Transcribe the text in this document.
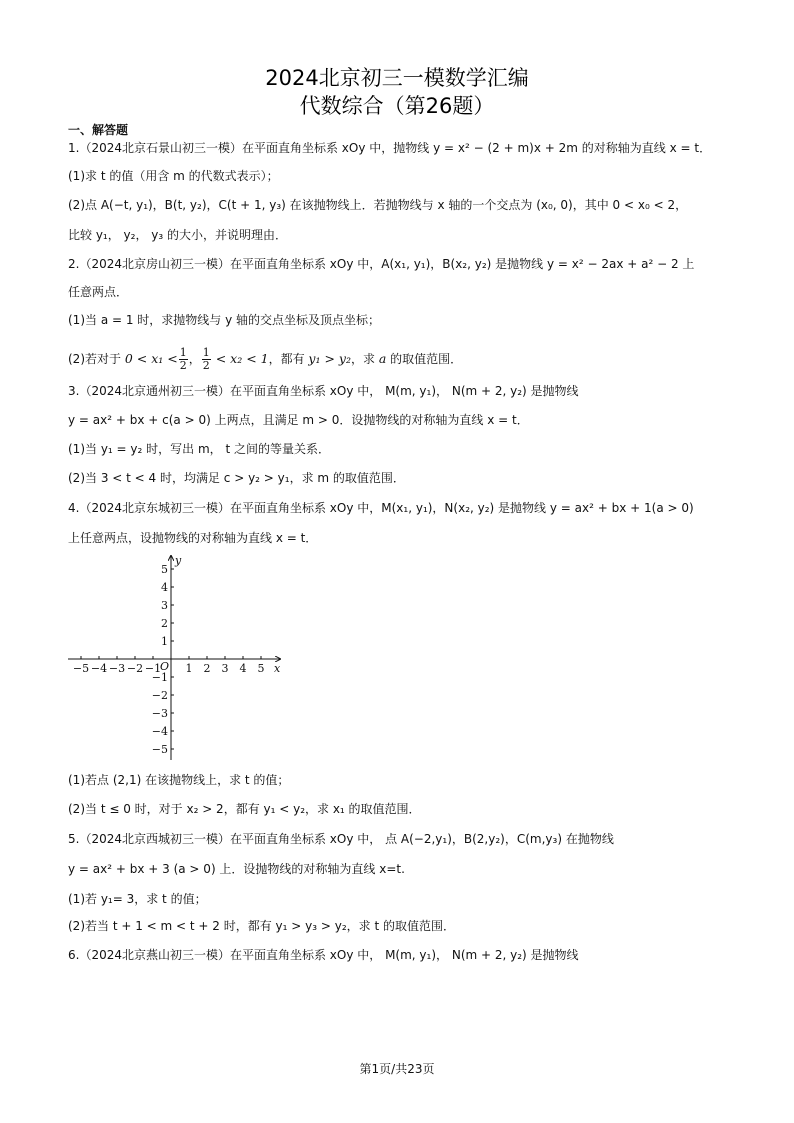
2024北京初三一模数学汇编
代数综合（第26题）
一、解答题
1.（2024北京石景山初三一模）在平面直角坐标系 xOy 中，抛物线 y = x² − (2 + m)x + 2m 的对称轴为直线 x = t．
(1)求 t 的值（用含 m 的代数式表示）；
(2)点 A(−t, y₁)，B(t, y₂)，C(t + 1, y₃) 在该抛物线上．若抛物线与 x 轴的一个交点为 (x₀, 0)，其中 0 < x₀ < 2，
比较 y₁， y₂， y₃ 的大小，并说明理由．
2.（2024北京房山初三一模）在平面直角坐标系 xOy 中，A(x₁, y₁)，B(x₂, y₂) 是抛物线 y = x² − 2ax + a² − 2 上
任意两点．
(1)当 a = 1 时，求抛物线与 y 轴的交点坐标及顶点坐标；
(2)若对于 $0 < x_1 < \frac{1}{2}$ ， $\frac{1}{2} < x_2 < 1$，都有 y₁ > y₂，求 a 的取值范围．
3.（2024北京通州初三一模）在平面直角坐标系 xOy 中， M(m, y₁)， N(m + 2, y₂) 是抛物线
y = ax² + bx + c(a > 0) 上两点，且满足 m > 0．设抛物线的对称轴为直线 x = t．
(1)当 y₁ = y₂ 时，写出 m， t 之间的等量关系．
(2)当 3 < t < 4 时，均满足 c > y₂ > y₁，求 m 的取值范围．
4.（2024北京东城初三一模）在平面直角坐标系 xOy 中，M(x₁, y₁)，N(x₂, y₂) 是抛物线 y = ax² + bx + 1(a > 0)
上任意两点，设抛物线的对称轴为直线 x = t．
−5 −4 −3 −2 −1 1 2 3 4 5
5
4
3
2
1
−1
−2
−3
−4
−5
x
y
O
(1)若点 (2,1) 在该抛物线上，求 t 的值；
(2)当 t ≤ 0 时，对于 x₂ > 2，都有 y₁ < y₂，求 x₁ 的取值范围．
5.（2024北京西城初三一模）在平面直角坐标系 xOy 中， 点 A(−2,y₁)，B(2,y₂)，C(m,y₃) 在抛物线
y = ax² + bx + 3 (a > 0) 上．设抛物线的对称轴为直线 x=t.
(1)若 y₁= 3，求 t 的值；
(2)若当 t + 1 < m < t + 2 时，都有 y₁ > y₃ > y₂，求 t 的取值范围．
6.（2024北京燕山初三一模）在平面直角坐标系 xOy 中， M(m, y₁)， N(m + 2, y₂) 是抛物线
第1页/共23页
